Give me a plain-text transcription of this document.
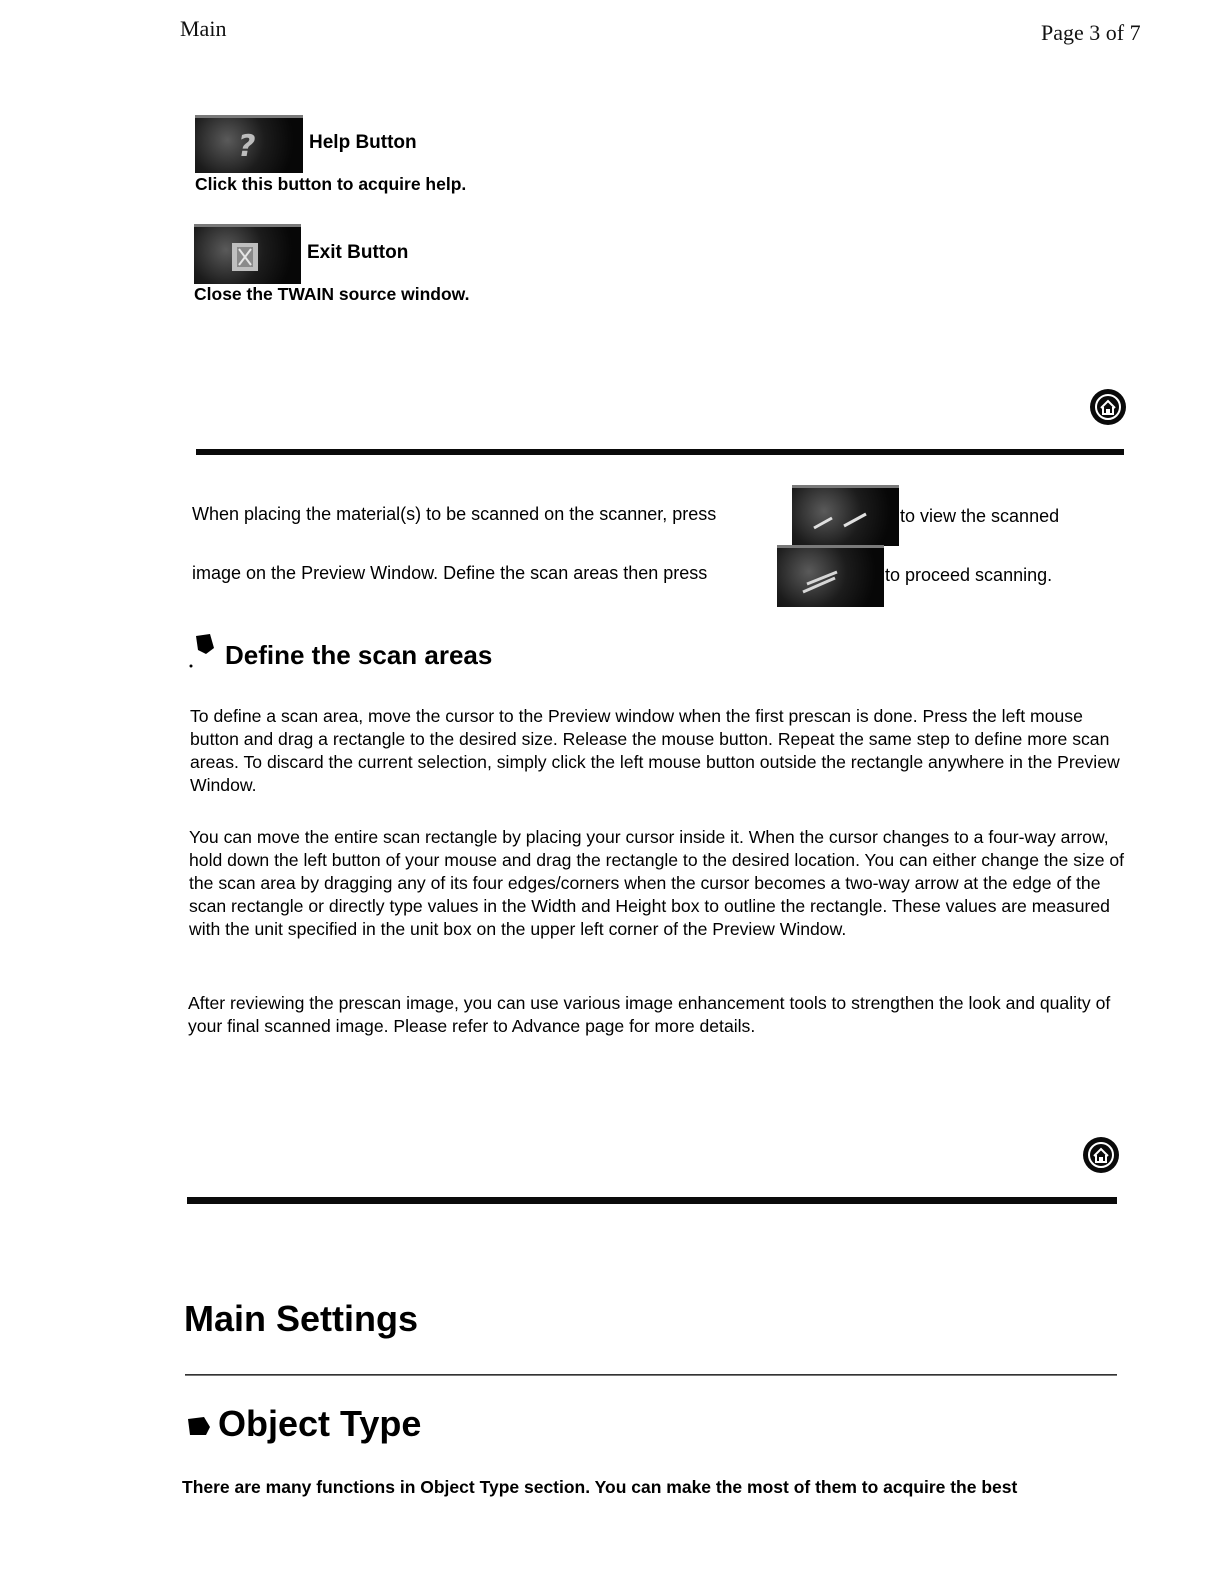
Main	Page 3 of 7
?	Help Button
Click this button to acquire help.
Exit Button
Close the TWAIN source window.
When placing the material(s) to be scanned on the scanner, press	to view the scanned
image on the Preview Window. Define the scan areas then press	to proceed scanning.
Define the scan areas
To define a scan area, move the cursor to the Preview window when the first prescan is done. Press the left mouse button and drag a rectangle to the desired size. Release the mouse button. Repeat the same step to define more scan areas. To discard the current selection, simply click the left mouse button outside the rectangle anywhere in the Preview Window.
You can move the entire scan rectangle by placing your cursor inside it. When the cursor changes to a four-way arrow, hold down the left button of your mouse and drag the rectangle to the desired location. You can either change the size of the scan area by dragging any of its four edges/corners when the cursor becomes a two-way arrow at the edge of the scan rectangle or directly type values in the Width and Height box to outline the rectangle. These values are measured with the unit specified in the unit box on the upper left corner of the Preview Window.
After reviewing the prescan image, you can use various image enhancement tools to strengthen the look and quality of your final scanned image. Please refer to Advance page for more details.
Main Settings
Object Type
There are many functions in Object Type section. You can make the most of them to acquire the best
